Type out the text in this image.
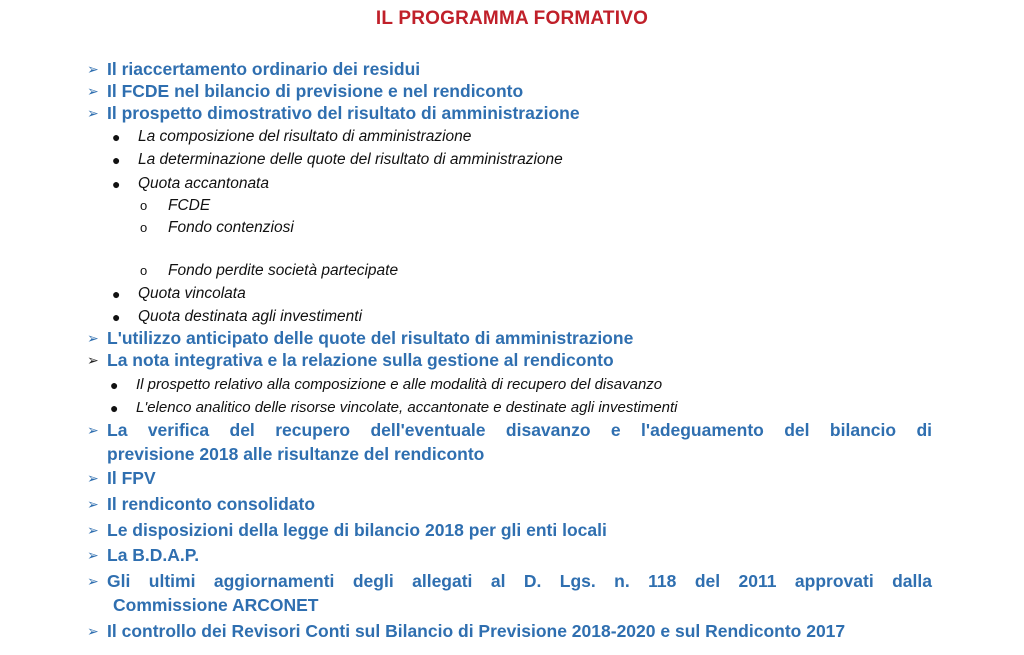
IL PROGRAMMA FORMATIVO

➢ Il riaccertamento ordinario dei residui

➢ Il FCDE nel bilancio di previsione e nel rendiconto

➢ Il prospetto dimostrativo del risultato di amministrazione

● La composizione del risultato di amministrazione

● La determinazione delle quote del risultato di amministrazione

● Quota accantonata

o FCDE

o Fondo contenziosi

o Fondo perdite società partecipate

● Quota vincolata

● Quota destinata agli investimenti

➢ L'utilizzo anticipato delle quote del risultato di amministrazione

➢ La nota integrativa e la relazione sulla gestione al rendiconto

● Il prospetto relativo alla composizione e alle modalità di recupero del disavanzo

● L'elenco analitico delle risorse vincolate, accantonate e destinate agli investimenti

➢ La verifica del recupero dell'eventuale disavanzo e l'adeguamento del bilancio di

previsione 2018 alle risultanze del rendiconto

➢ Il FPV

➢ Il rendiconto consolidato

➢ Le disposizioni della legge di bilancio 2018 per gli enti locali

➢ La B.D.A.P.

➢ Gli ultimi aggiornamenti degli allegati al D. Lgs. n. 118 del 2011 approvati dalla

Commissione ARCONET

➢ Il controllo dei Revisori Conti sul Bilancio di Previsione 2018-2020 e sul Rendiconto 2017
